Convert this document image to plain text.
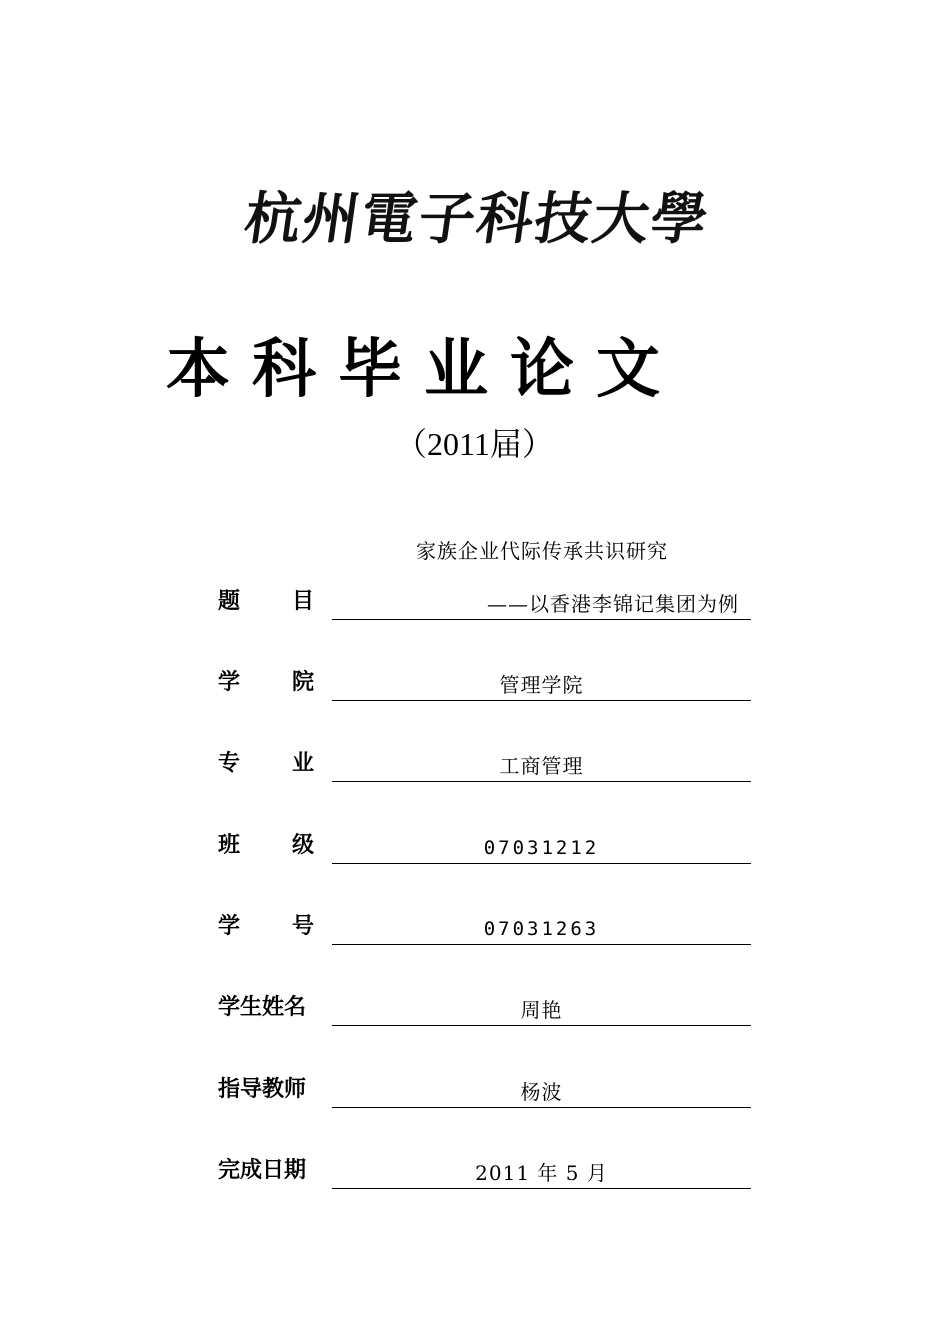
杭州電子科技大學
本科毕业论文
（2011届）
家族企业代际传承共识研究
题 目	——以香港李锦记集团为例
学 院	管理学院
专 业	工商管理
班 级	07031212
学 号	07031263
学生姓名	周艳
指导教师	杨波
完成日期	2011 年 5 月
